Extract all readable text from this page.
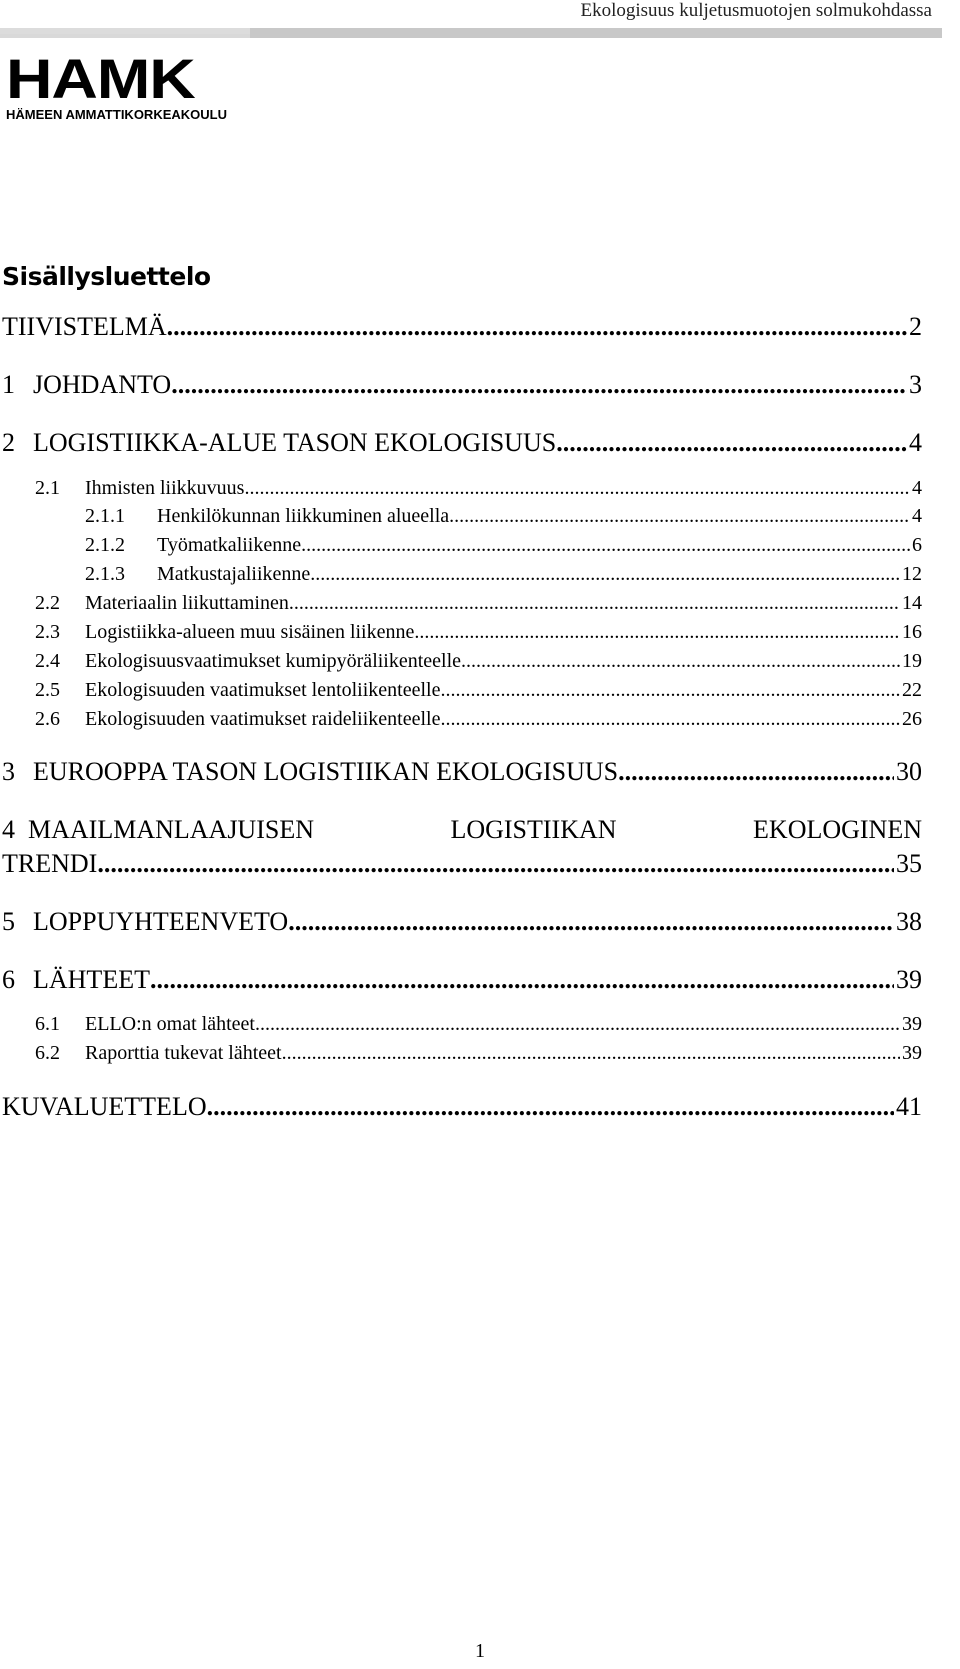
Ekologisuus kuljetusmuotojen solmukohdassa
HAMK
HÄMEEN AMMATTIKORKEAKOULU
Sisällysluettelo
TIIVISTELMÄ .....	2
1 JOHDANTO .....	3
2 LOGISTIIKKA-ALUE TASON EKOLOGISUUS .....	4
2.1	Ihmisten liikkuvuus .....	4
2.1.1	Henkilökunnan liikkuminen alueella .....	4
2.1.2	Työmatkaliikenne .....	6
2.1.3	Matkustajaliikenne .....	12
2.2	Materiaalin liikuttaminen .....	14
2.3	Logistiikka-alueen muu sisäinen liikenne .....	16
2.4	Ekologisuusvaatimukset kumipyöräliikenteelle .....	19
2.5	Ekologisuuden vaatimukset lentoliikenteelle .....	22
2.6	Ekologisuuden vaatimukset raideliikenteelle .....	26
3 EUROOPPA TASON LOGISTIIKAN EKOLOGISUUS .....	30
4 MAAILMANLAAJUISEN	LOGISTIIKAN	EKOLOGINEN
TRENDI .....	35
5 LOPPUYHTEENVETO .....	38
6 LÄHTEET .....	39
6.1	ELLO:n omat lähteet .....	39
6.2	Raporttia tukevat lähteet .....	39
KUVALUETTELO .....	41
1
